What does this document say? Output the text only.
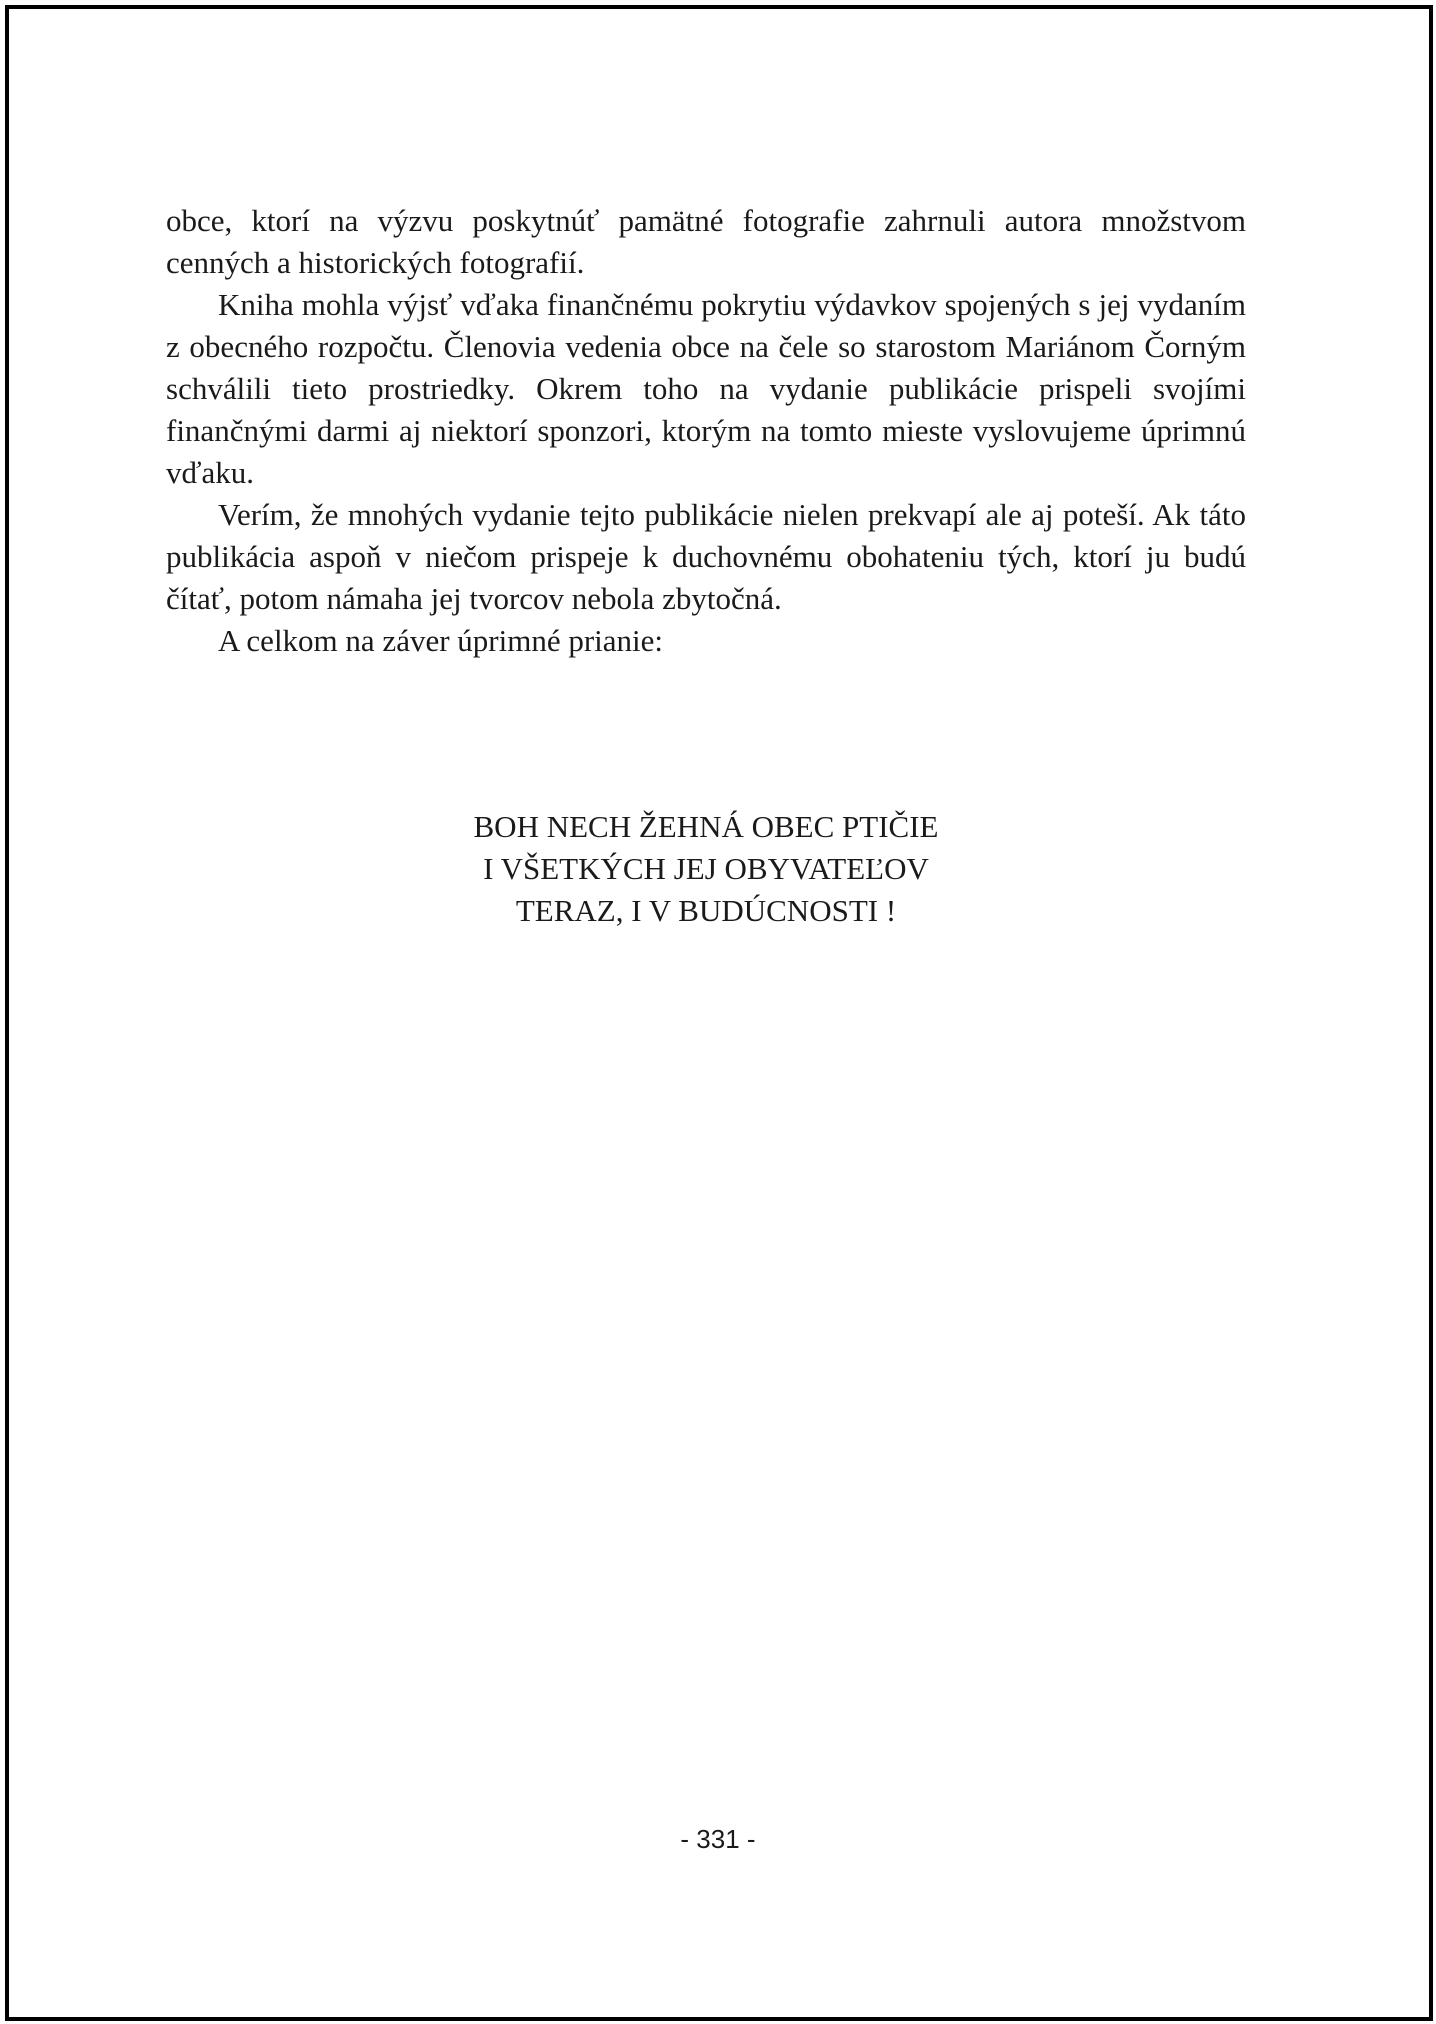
obce, ktorí na výzvu poskytnúť pamätné fotografie zahrnuli autora množstvom cenných a historických fotografií.

Kniha mohla výjsť vďaka finančnému pokrytiu výdavkov spojených s jej vydaním z obecného rozpočtu. Členovia vedenia obce na čele so starostom Mariánom Čorným schválili tieto prostriedky. Okrem toho na vydanie publikácie prispeli svojími finančnými darmi aj niektorí sponzori, ktorým na tomto mieste vyslovujeme úprimnú vďaku.

Verím, že mnohých vydanie tejto publikácie nielen prekvapí ale aj poteší. Ak táto publikácia aspoň v niečom prispeje k duchovnému obohateniu tých, ktorí ju budú čítať, potom námaha jej tvorcov nebola zbytočná.

A celkom na záver úprimné prianie:

BOH NECH ŽEHNÁ OBEC PTIČIE
I VŠETKÝCH JEJ OBYVATEĽOV
TERAZ, I V BUDÚCNOSTI !
- 331 -
